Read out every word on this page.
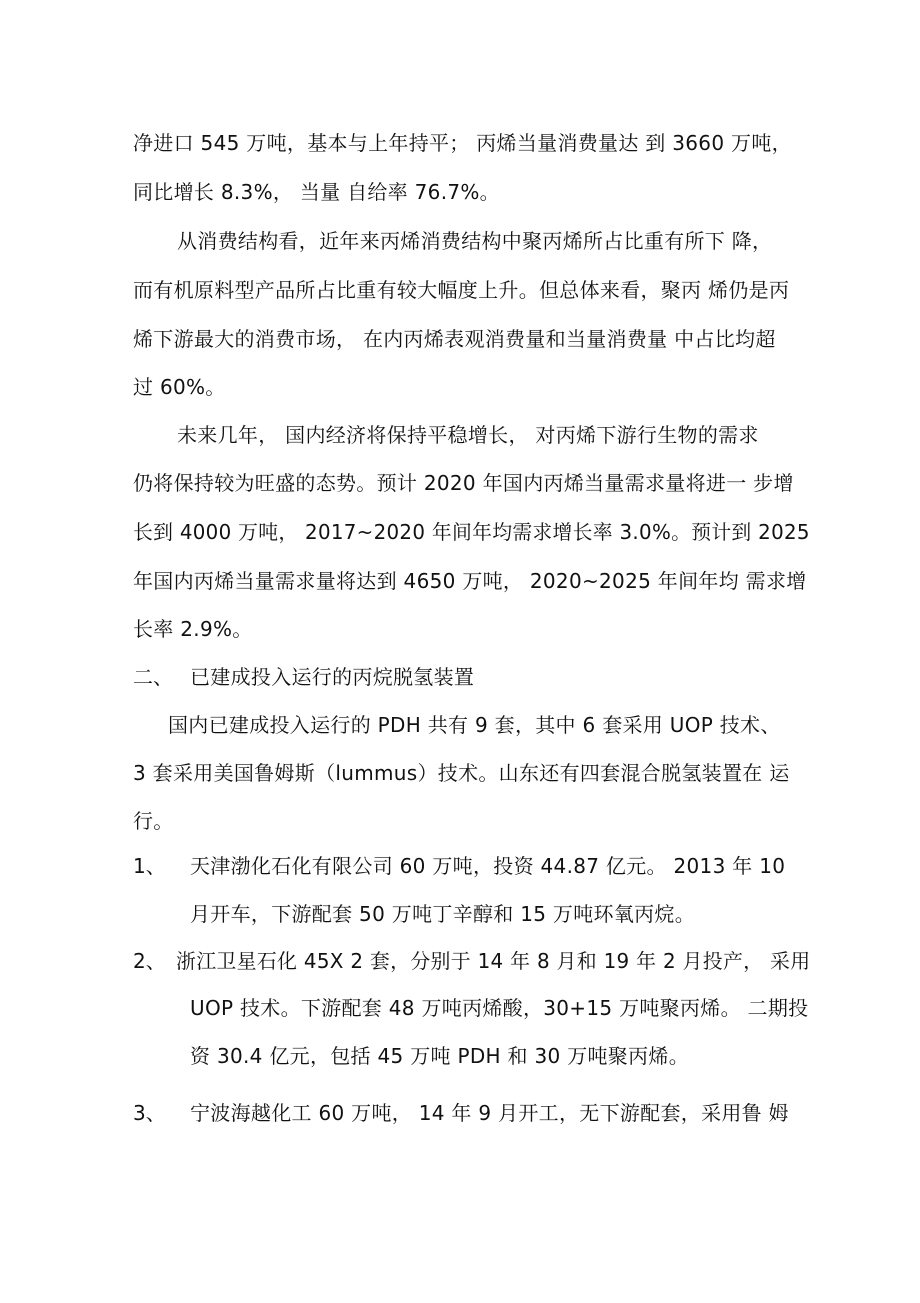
净进口 545 万吨，基本与上年持平； 丙烯当量消费量达 到 3660 万吨，
同比增长 8.3%， 当量 自给率 76.7%。
从消费结构看，近年来丙烯消费结构中聚丙烯所占比重有所下 降，
而有机原料型产品所占比重有较大幅度上升。但总体来看，聚丙 烯仍是丙
烯下游最大的消费市场， 在内丙烯表观消费量和当量消费量 中占比均超
过 60%。
未来几年， 国内经济将保持平稳增长， 对丙烯下游行生物的需求
仍将保持较为旺盛的态势。预计 2020 年国内丙烯当量需求量将进一 步增
长到 4000 万吨， 2017~2020 年间年均需求增长率 3.0%。预计到 2025
年国内丙烯当量需求量将达到 4650 万吨， 2020~2025 年间年均 需求增
长率 2.9%。
二、 已建成投入运行的丙烷脱氢装置
国内已建成投入运行的 PDH 共有 9 套，其中 6 套采用 UOP 技术、
3 套采用美国鲁姆斯（lummus）技术。山东还有四套混合脱氢装置在 运
行。
1、 天津渤化石化有限公司 60 万吨，投资 44.87 亿元。 2013 年 10
月开车，下游配套 50 万吨丁辛醇和 15 万吨环氧丙烷。
2、 浙江卫星石化 45X 2 套，分别于 14 年 8 月和 19 年 2 月投产， 采用
UOP 技术。下游配套 48 万吨丙烯酸，30+15 万吨聚丙烯。 二期投
资 30.4 亿元，包括 45 万吨 PDH 和 30 万吨聚丙烯。
3、 宁波海越化工 60 万吨， 14 年 9 月开工，无下游配套，采用鲁 姆
